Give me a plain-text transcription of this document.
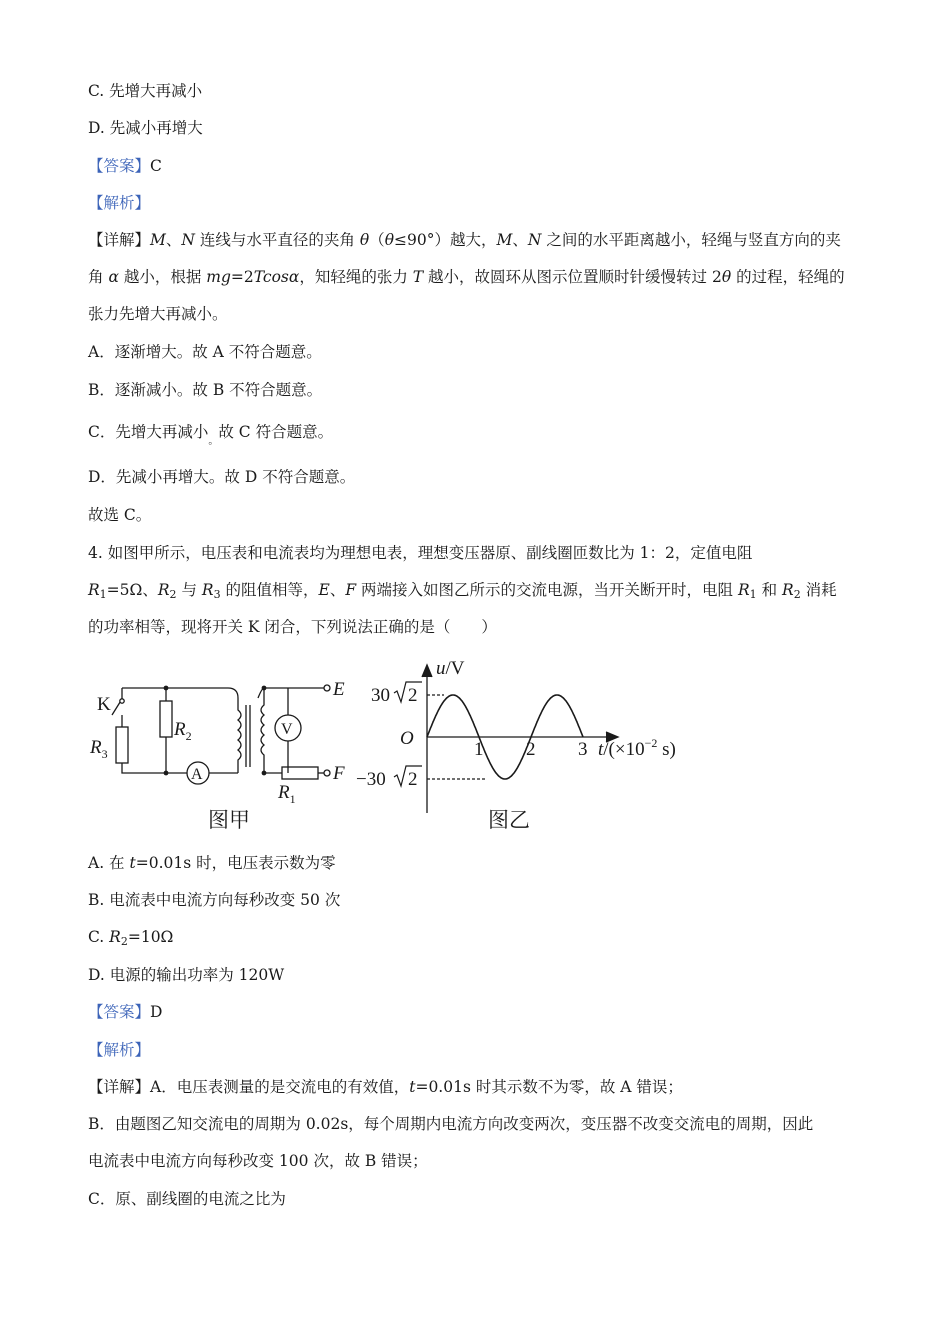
C. 先增大再减小
D. 先减小再增大
【答案】C
【解析】
【详解】M、N 连线与水平直径的夹角 θ（θ≤90°）越大，M、N 之间的水平距离越小，轻绳与竖直方向的夹
角 α 越小，根据 mg=2Tcosα，知轻绳的张力 T 越小，故圆环从图示位置顺时针缓慢转过 2θ 的过程，轻绳的
张力先增大再减小。
A．逐渐增大。故 A 不符合题意。
B．逐渐减小。故 B 不符合题意。
C．先增大再减小$_。$故 C 符合题意。
D．先减小再增大。故 D 不符合题意。
故选 C。
4. 如图甲所示，电压表和电流表均为理想电表，理想变压器原、副线圈匝数比为 1：2，定值电阻
$R_1=5\Omega$、$R_2$ 与 $R_3$ 的阻值相等，E、F 两端接入如图乙所示的交流电源，当开关断开时，电阻 $R_1$ 和 $R_2$ 消耗
的功率相等，现将开关 K 闭合，下列说法正确的是（　　）
K
$R_3$
$R_2$
A
V
$R_1$
E
F
图甲
u/V
30 2
−30 2
O
1 2 3 $t/(\times 10^{-2}$ s)
图乙
A. 在 t=0.01s 时，电压表示数为零
B. 电流表中电流方向每秒改变 50 次
C. $R_2=10\Omega$
D. 电源的输出功率为 120W
【答案】D
【解析】
【详解】A．电压表测量的是交流电的有效值，t=0.01s 时其示数不为零，故 A 错误；
B．由题图乙知交流电的周期为 0.02s，每个周期内电流方向改变两次，变压器不改变交流电的周期，因此
电流表中电流方向每秒改变 100 次，故 B 错误；
C．原、副线圈的电流之比为
